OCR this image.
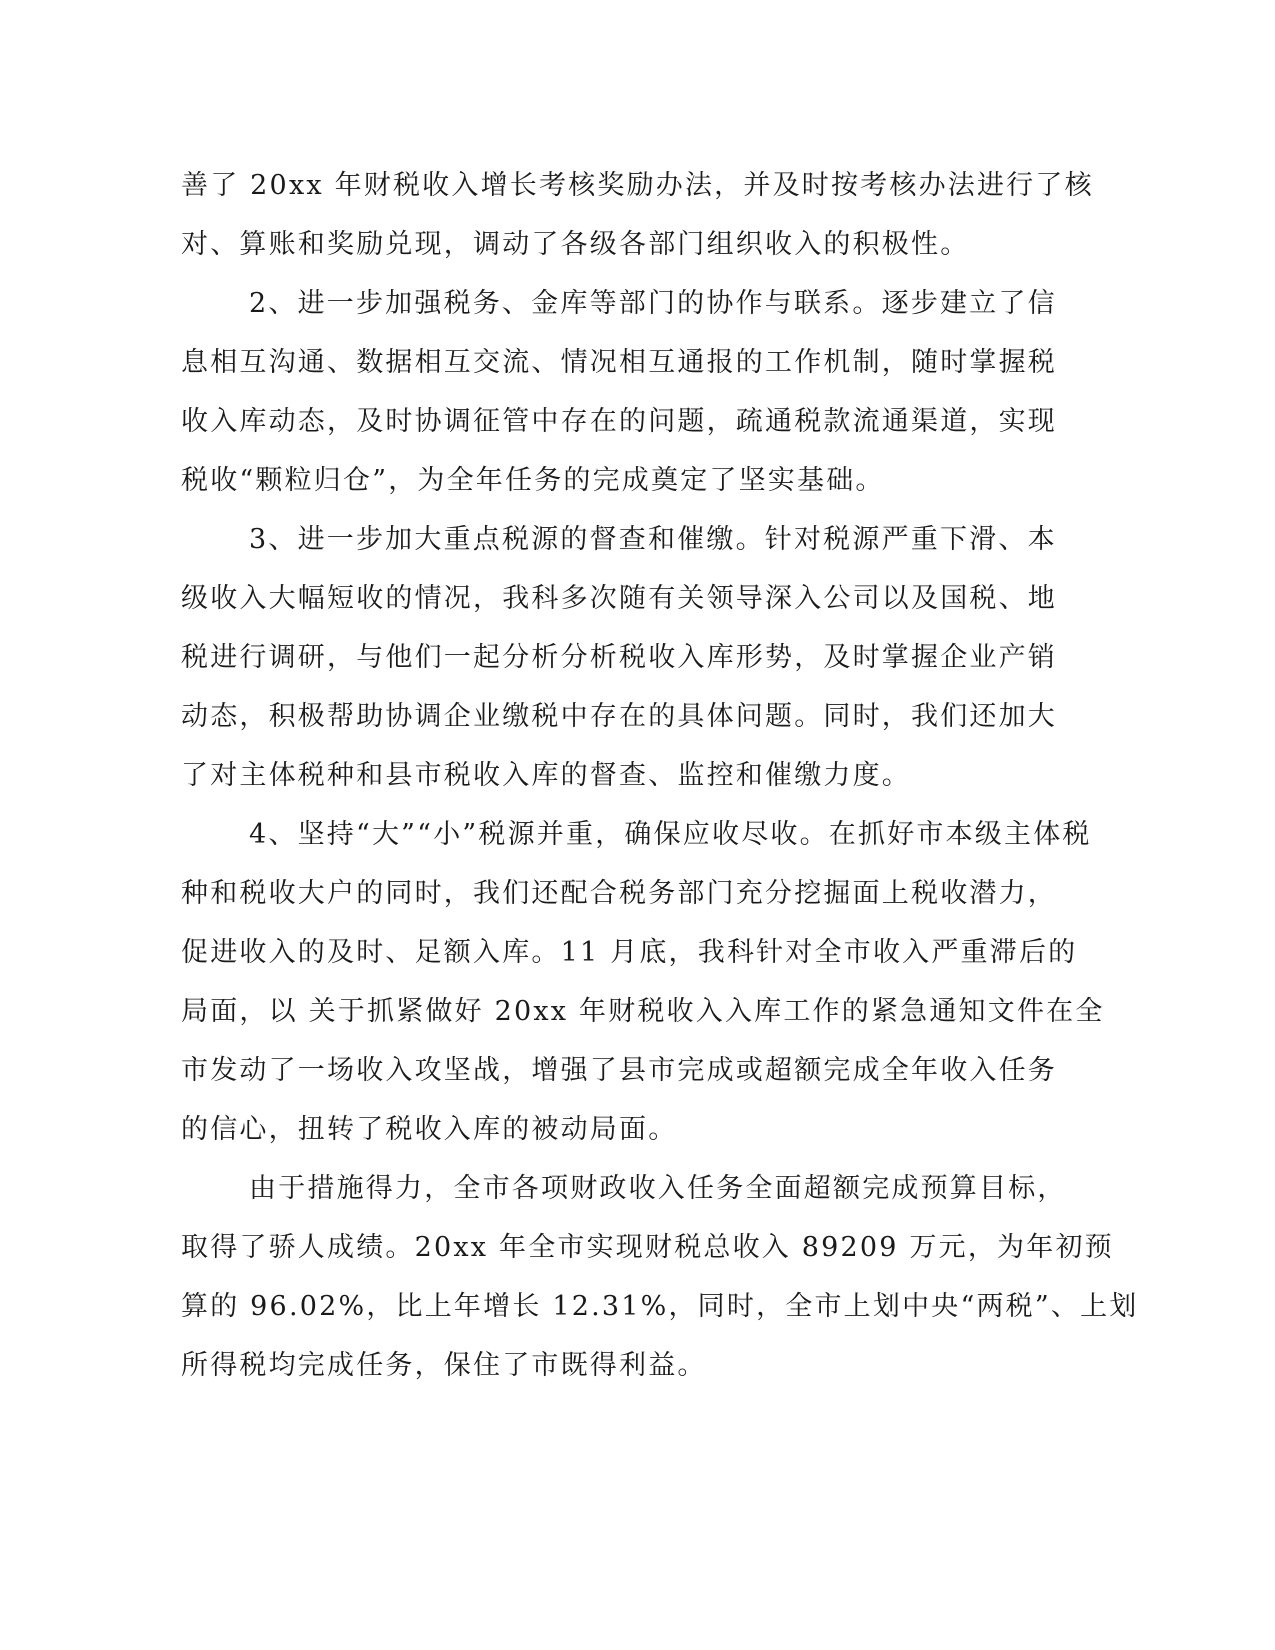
善了 20xx 年财税收入增长考核奖励办法，并及时按考核办法进行了核
对、算账和奖励兑现，调动了各级各部门组织收入的积极性。
2、进一步加强税务、金库等部门的协作与联系。逐步建立了信
息相互沟通、数据相互交流、情况相互通报的工作机制，随时掌握税
收入库动态，及时协调征管中存在的问题，疏通税款流通渠道，实现
税收“颗粒归仓”，为全年任务的完成奠定了坚实基础。
3、进一步加大重点税源的督查和催缴。针对税源严重下滑、本
级收入大幅短收的情况，我科多次随有关领导深入公司以及国税、地
税进行调研，与他们一起分析分析税收入库形势，及时掌握企业产销
动态，积极帮助协调企业缴税中存在的具体问题。同时，我们还加大
了对主体税种和县市税收入库的督查、监控和催缴力度。
4、坚持“大”“小”税源并重，确保应收尽收。在抓好市本级主体税
种和税收大户的同时，我们还配合税务部门充分挖掘面上税收潜力，
促进收入的及时、足额入库。11 月底，我科针对全市收入严重滞后的
局面，以 关于抓紧做好 20xx 年财税收入入库工作的紧急通知文件在全
市发动了一场收入攻坚战，增强了县市完成或超额完成全年收入任务
的信心，扭转了税收入库的被动局面。
由于措施得力，全市各项财政收入任务全面超额完成预算目标，
取得了骄人成绩。20xx 年全市实现财税总收入 89209 万元，为年初预
算的 96.02%，比上年增长 12.31%，同时，全市上划中央“两税”、上划
所得税均完成任务，保住了市既得利益。
